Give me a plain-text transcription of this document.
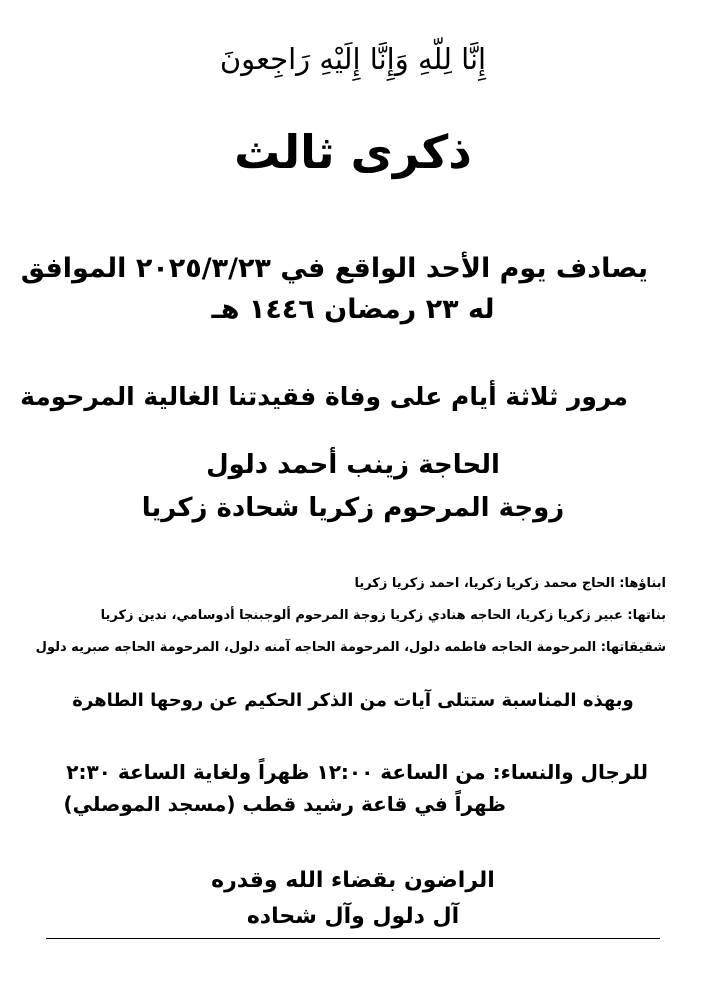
إِنَّا لِلّهِ وَإِنَّا إِلَيْهِ رَاجِعونَ
ذكرى ثالث
يصادف يوم الأحد الواقع في ٢٠٢٥/٣/٢٣ الموافق
له ٢٣ رمضان ١٤٤٦ هـ
مرور ثلاثة أيام على وفاة فقيدتنا الغالية المرحومة
الحاجة زينب أحمد دلول
زوجة المرحوم زكريا شحادة زكريا
ابناؤها: الحاج محمد زكريا زكريا، احمد زكريا زكريا
بناتها: عبير زكريا زكريا، الحاجه هنادي زكريا زوجة المرحوم ألوجبنجا أدوسامي، ندين زكريا
شقيقاتها: المرحومة الحاجه فاطمه دلول، المرحومة الحاجه آمنه دلول، المرحومة الحاجه صبريه دلول
وبهذه المناسبة ستتلى آيات من الذكر الحكيم عن روحها الطاهرة
للرجال والنساء: من الساعة ١٢:٠٠ ظهراً ولغاية الساعة ٢:٣٠
ظهراً في قاعة رشيد قطب (مسجد الموصلي)
الراضون بقضاء الله وقدره
آل دلول وآل شحاده
